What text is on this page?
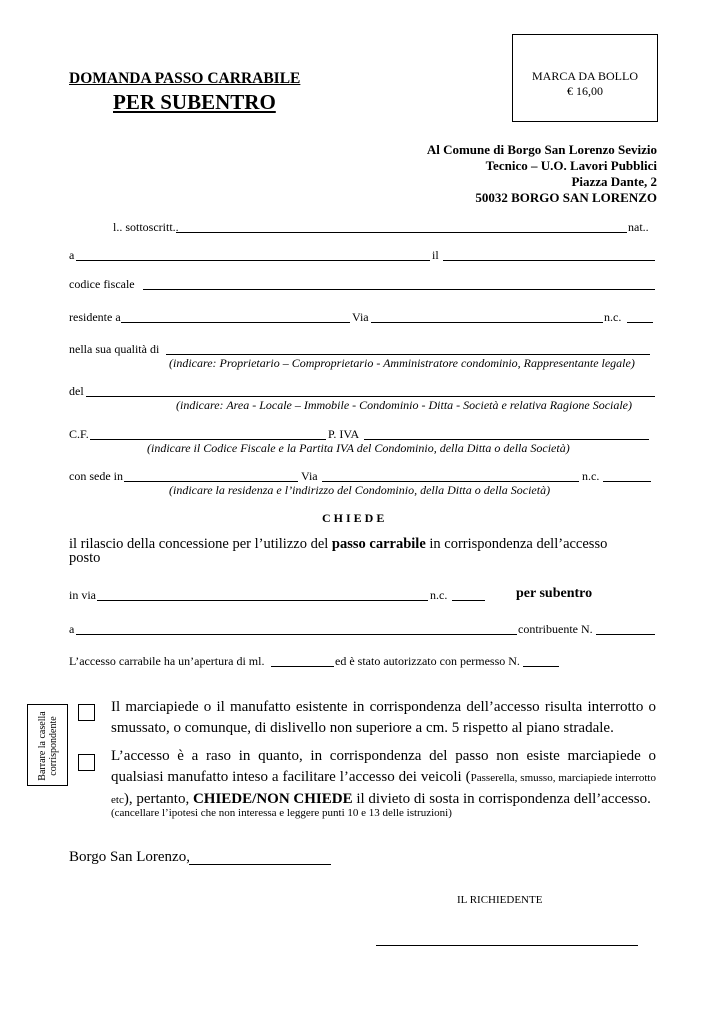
DOMANDA PASSO CARRABILE
PER SUBENTRO
MARCA DA BOLLO
€ 16,00
Al Comune di Borgo San Lorenzo Sevizio
Tecnico – U.O. Lavori Pubblici
Piazza Dante, 2
50032 BORGO SAN LORENZO
l.. sottoscritt..	nat..
a	il
codice fiscale
residente a	Via	n.c.
nella sua qualità di
(indicare: Proprietario – Comproprietario - Amministratore condominio, Rappresentante legale)
del
(indicare: Area - Locale – Immobile - Condominio - Ditta - Società e relativa Ragione Sociale)
C.F.	P. IVA
(indicare il Codice Fiscale e la Partita IVA del Condominio, della Ditta o della Società)
con sede in	Via	n.c.
(indicare la residenza e l’indirizzo del Condominio, della Ditta o della Società)
C H I E D E
il rilascio della concessione per l’utilizzo del passo carrabile in corrispondenza dell’accesso
posto
in via	n.c.	per subentro
a	contribuente N.
L’accesso carrabile ha un’apertura di ml.	ed è stato autorizzato con permesso N.
Barrare la casella corrispondente
Il marciapiede o il manufatto esistente in corrispondenza dell’accesso risulta interrotto o smussato, o comunque, di dislivello non superiore a cm. 5 rispetto al piano stradale.
L’accesso è a raso in quanto, in corrispondenza del passo non esiste marciapiede o qualsiasi manufatto inteso a facilitare l’accesso dei veicoli (Passerella, smusso, marciapiede interrotto etc), pertanto, CHIEDE/NON CHIEDE il divieto di sosta in corrispondenza dell’accesso.
(cancellare l’ipotesi che non interessa e leggere punti 10 e 13 delle istruzioni)
Borgo San Lorenzo,
IL RICHIEDENTE
